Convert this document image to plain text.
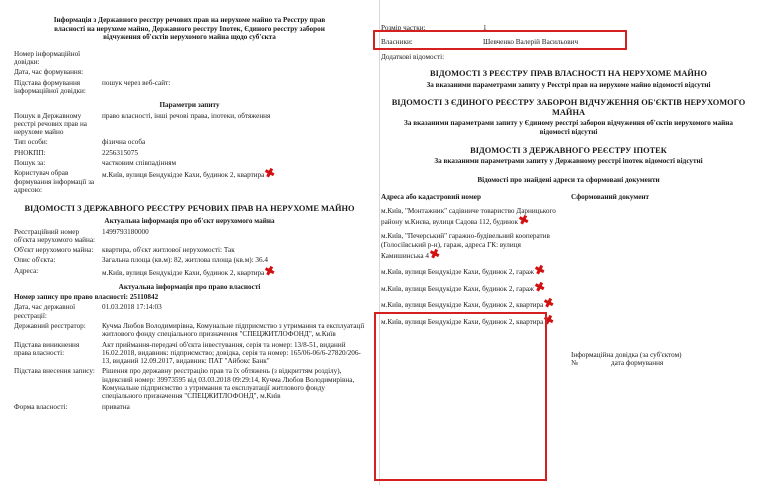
Інформація з Державного реєстру речових прав на нерухоме майно та Реєстру прав власності на нерухоме майно, Державного реєстру Іпотек, Єдиного реєстру заборон відчуження об'єктів нерухомого майна щодо суб'єкта
Номер інформаційної довідки:
Дата, час формування:
Підстава формування інформаційної довідки:
пошук через веб-сайт:
Параметри запиту
Пошук в Державному реєстрі речових прав на нерухоме майно
право власності, інші речові права, іпотеки, обтяження
Тип особи:	фізична особа
РНОКПП:	2256315075
Пошук за:	частковим співпадінням
Користувач обрав формування інформації за адресою:
м.Київ, вулиця Бендукідзе Кахи, будинок 2, квартира✖
ВІДОМОСТІ З ДЕРЖАВНОГО РЕЄСТРУ РЕЧОВИХ ПРАВ НА НЕРУХОМЕ МАЙНО
Актуальна інформація про об'єкт нерухомого майна
Реєстраційний номер об'єкта нерухомого майна:
1499793180000
Об'єкт нерухомого майна:	квартира, об'єкт житлової нерухомості: Так
Опис об'єкта:	Загальна площа (кв.м): 82, житлова площа (кв.м): 36.4
Адреса:	м.Київ, вулиця Бендукідзе Кахи, будинок 2, квартира✖
Актуальна інформація про право власності
Номер запису про право власності: 25110842
Дата, час державної реєстрації:
01.03.2018 17:14:03
Державний реєстратор:	Кучма Любов Володимирівна, Комунальне підприємство з утримання та експлуатації житлового фонду спеціального призначення "СПЕЦЖИТЛОФОНД", м.Київ
Підстава виникнення права власності:
Акт приймання-передачі об'єкта інвестування, серія та номер: 13/8-51, виданий 16.02.2018, видавник: підприємство; довідка, серія та номер: 165/06-06/6-27820/206-13, виданий 12.09.2017, видавник: ПАТ "Айбокс Банк"
Підстава внесення запису: Рішення про державну реєстрацію прав та їх обтяжень (з відкриттям розділу), індексний номер: 39973595 від 03.03.2018 09:29:14, Кучма Любов Володимирівна, Комунальне підприємство з утримання та експлуатації житлового фонду спеціального призначення "СПЕЦЖИТЛОФОНД", м.Київ
Форма власності:	приватна
Розмір частки:	1
Власники:	Шевченко Валерій Васильович
Додаткові відомості:
ВІДОМОСТІ З РЕЄСТРУ ПРАВ ВЛАСНОСТІ НА НЕРУХОМЕ МАЙНО
За вказаними параметрами запиту у Реєстрі прав на нерухоме майно відомості відсутні
ВІДОМОСТІ З ЄДИНОГО РЕЄСТРУ ЗАБОРОН ВІДЧУЖЕННЯ ОБ'ЄКТІВ НЕРУХОМОГО МАЙНА
За вказаними параметрами запиту у Єдиному реєстрі заборон відчуження об'єктів нерухомого майна відомості відсутні
ВІДОМОСТІ З ДЕРЖАВНОГО РЕЄСТРУ ІПОТЕК
За вказаними параметрами запиту у Державному реєстрі іпотек відомості відсутні
Відомості про знайдені адреси та сформовані документи
Адреса або кадастровий номер	Сформований документ
м.Київ, "Монтажник" садівниче товариство Дарницького району м.Києва, вулиця Садова 112, будинок✖
м.Київ, "Печерський" гаражно-будівельний кооператив (Голосіївський р-н), гараж, адреса ГК: вулиця Камишинська 4✖
м.Київ, вулиця Бендукідзе Кахи, будинок 2, гараж✖
м.Київ, вулиця Бендукідзе Кахи, будинок 2, гараж✖
м.Київ, вулиця Бендукідзе Кахи, будинок 2, квартира✖
м.Київ, вулиця Бендукідзе Кахи, будинок 2, квартира✖
Інформаційна довідка (за суб'єктом)
№	дата формування
